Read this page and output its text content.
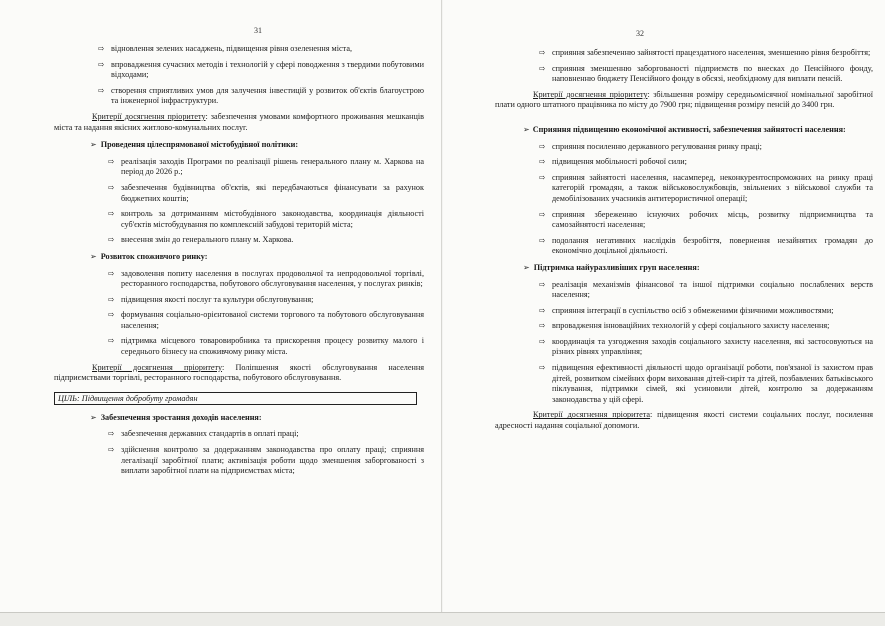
31
⇨ відновлення зелених насаджень, підвищення рівня озеленення міста,
⇨ впровадження сучасних методів і технологій у сфері поводження з твердими побутовими відходами;
⇨ створення сприятливих умов для залучення інвестицій у розвиток об'єктів благоустрою та інженерної інфраструктури.
Критерії досягнення пріоритету: забезпечення умовами комфортного проживання мешканців міста та надання якісних житлово-комунальних послуг.
➢ Проведення цілеспрямованої містобудівної політики:
⇨ реалізація заходів Програми по реалізації рішень генерального плану м. Харкова на період до 2026 р.;
⇨ забезпечення будівництва об'єктів, які передбачаються фінансувати за рахунок бюджетних коштів;
⇨ контроль за дотриманням містобудівного законодавства, координація діяльності суб'єктів містобудування по комплексній забудові територій міста;
⇨ внесення змін до генерального плану м. Харкова.
➢ Розвиток споживчого ринку:
⇨ задоволення попиту населення в послугах продовольчої та непродовольчої торгівлі, ресторанного господарства, побутового обслуговування населення, у послугах ринків;
⇨ підвищення якості послуг та культури обслуговування;
⇨ формування соціально-орієнтованої системи торгового та побутового обслуговування населення;
⇨ підтримка місцевого товаровиробника та прискорення процесу розвитку малого і середнього бізнесу на споживчому ринку міста.
Критерії досягнення пріоритету: Поліпшення якості обслуговування населення підприємствами торгівлі, ресторанного господарства, побутового обслуговування.
ЦІЛЬ: Підвищення добробуту громадян
➢ Забезпечення зростання доходів населення:
⇨ забезпечення державних стандартів в оплаті праці;
⇨ здійснення контролю за додержанням законодавства про оплату праці; сприяння легалізації заробітної плати; активізація роботи щодо зменшення заборгованості з виплати заробітної плати на підприємствах міста;
32
⇨ сприяння забезпеченню зайнятості працездатного населення, зменшенню рівня безробіття;
⇨ сприяння зменшенню заборгованості підприємств по внесках до Пенсійного фонду, наповненню бюджету Пенсійного фонду в обсязі, необхідному для виплати пенсій.
Критерії досягнення пріоритету: збільшення розміру середньомісячної номінальної заробітної плати одного штатного працівника по місту до 7900 грн; підвищення розміру пенсій до 3400 грн.
➢ Сприяння підвищенню економічної активності, забезпечення зайнятості населення:
⇨ сприяння посиленню державного регулювання ринку праці;
⇨ підвищення мобільності робочої сили;
⇨ сприяння зайнятості населення, насамперед, неконкурентоспроможних на ринку праці категорій громадян, а також військовослужбовців, звільнених з військової служби та демобілізованих учасників антитерористичної операції;
⇨ сприяння збереженню існуючих робочих місць, розвитку підприємництва та самозайнятості населення;
⇨ подолання негативних наслідків безробіття, повернення незайнятих громадян до економічно доцільної діяльності.
➢ Підтримка найуразливіших груп населення:
⇨ реалізація механізмів фінансової та іншої підтримки соціально послаблених верств населення;
⇨ сприяння інтеграції в суспільство осіб з обмеженими фізичними можливостями;
⇨ впровадження інноваційних технологій у сфері соціального захисту населення;
⇨ координація та узгодження заходів соціального захисту населення, які застосовуються на різних рівнях управління;
⇨ підвищення ефективності діяльності щодо організації роботи, пов'язаної із захистом прав дітей, розвитком сімейних форм виховання дітей-сиріт та дітей, позбавлених батьківського піклування, підтримки сімей, які усиновили дітей, контролю за додержанням законодавства у цій сфері.
Критерії досягнення пріоритета: підвищення якості системи соціальних послуг, посилення адресності надання соціальної допомоги.
